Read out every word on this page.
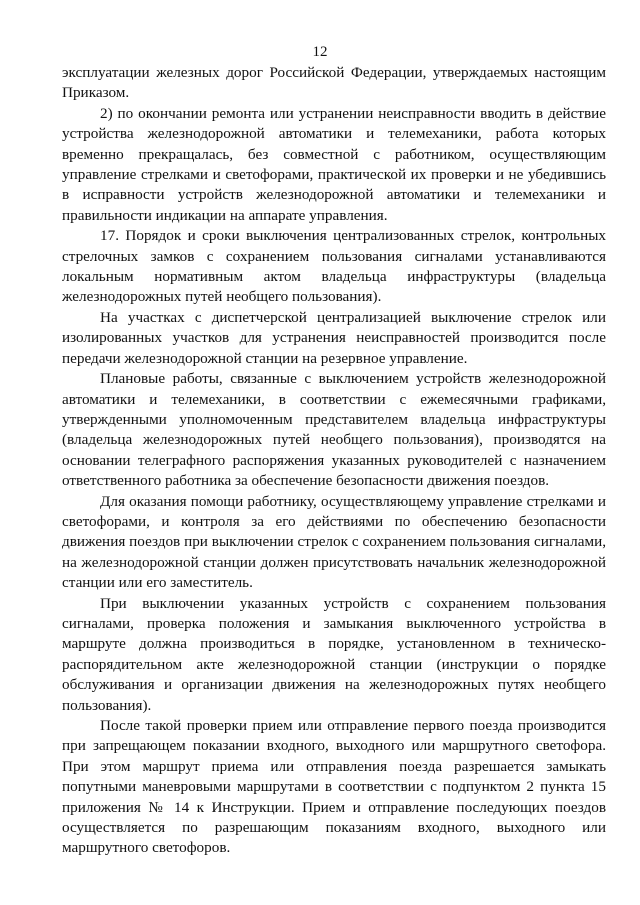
12

эксплуатации железных дорог Российской Федерации, утверждаемых настоящим Приказом.

2) по окончании ремонта или устранении неисправности вводить в действие устройства железнодорожной автоматики и телемеханики, работа которых временно прекращалась, без совместной с работником, осуществляющим управление стрелками и светофорами, практической их проверки и не убедившись в исправности устройств железнодорожной автоматики и телемеханики и правильности индикации на аппарате управления.

17. Порядок и сроки выключения централизованных стрелок, контрольных стрелочных замков с сохранением пользования сигналами устанавливаются локальным нормативным актом владельца инфраструктуры (владельца железнодорожных путей необщего пользования).

На участках с диспетчерской централизацией выключение стрелок или изолированных участков для устранения неисправностей производится после передачи железнодорожной станции на резервное управление.

Плановые работы, связанные с выключением устройств железнодорожной автоматики и телемеханики, в соответствии с ежемесячными графиками, утвержденными уполномоченным представителем владельца инфраструктуры (владельца железнодорожных путей необщего пользования), производятся на основании телеграфного распоряжения указанных руководителей с назначением ответственного работника за обеспечение безопасности движения поездов.

Для оказания помощи работнику, осуществляющему управление стрелками и светофорами, и контроля за его действиями по обеспечению безопасности движения поездов при выключении стрелок с сохранением пользования сигналами, на железнодорожной станции должен присутствовать начальник железнодорожной станции или его заместитель.

При выключении указанных устройств с сохранением пользования сигналами, проверка положения и замыкания выключенного устройства в маршруте должна производиться в порядке, установленном в техническо-распорядительном акте железнодорожной станции (инструкции о порядке обслуживания и организации движения на железнодорожных путях необщего пользования).

После такой проверки прием или отправление первого поезда производится при запрещающем показании входного, выходного или маршрутного светофора. При этом маршрут приема или отправления поезда разрешается замыкать попутными маневровыми маршрутами в соответствии с подпунктом 2 пункта 15 приложения № 14 к Инструкции. Прием и отправление последующих поездов осуществляется по разрешающим показаниям входного, выходного или маршрутного светофоров.
